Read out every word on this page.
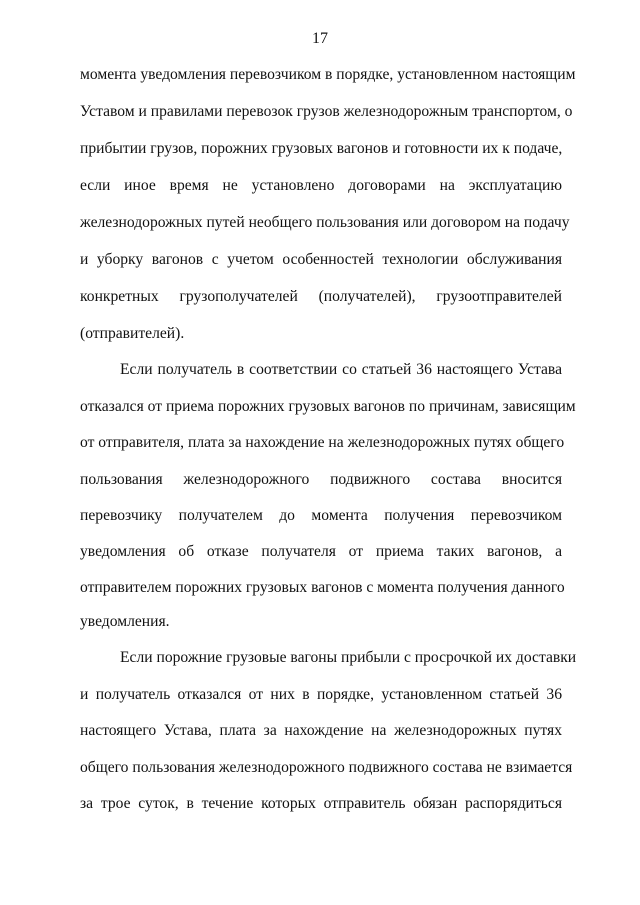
17
момента уведомления перевозчиком в порядке, установленном настоящим
Уставом и правилами перевозок грузов железнодорожным транспортом, о
прибытии грузов, порожних грузовых вагонов и готовности их к подаче,
если иное время не установлено договорами на эксплуатацию
железнодорожных путей необщего пользования или договором на подачу
и уборку вагонов с учетом особенностей технологии обслуживания
конкретных грузополучателей (получателей), грузоотправителей
(отправителей).
Если получатель в соответствии со статьей 36 настоящего Устава
отказался от приема порожних грузовых вагонов по причинам, зависящим
от отправителя, плата за нахождение на железнодорожных путях общего
пользования железнодорожного подвижного состава вносится
перевозчику получателем до момента получения перевозчиком
уведомления об отказе получателя от приема таких вагонов, а
отправителем порожних грузовых вагонов с момента получения данного
уведомления.
Если порожние грузовые вагоны прибыли с просрочкой их доставки
и получатель отказался от них в порядке, установленном статьей 36
настоящего Устава, плата за нахождение на железнодорожных путях
общего пользования железнодорожного подвижного состава не взимается
за трое суток, в течение которых отправитель обязан распорядиться
